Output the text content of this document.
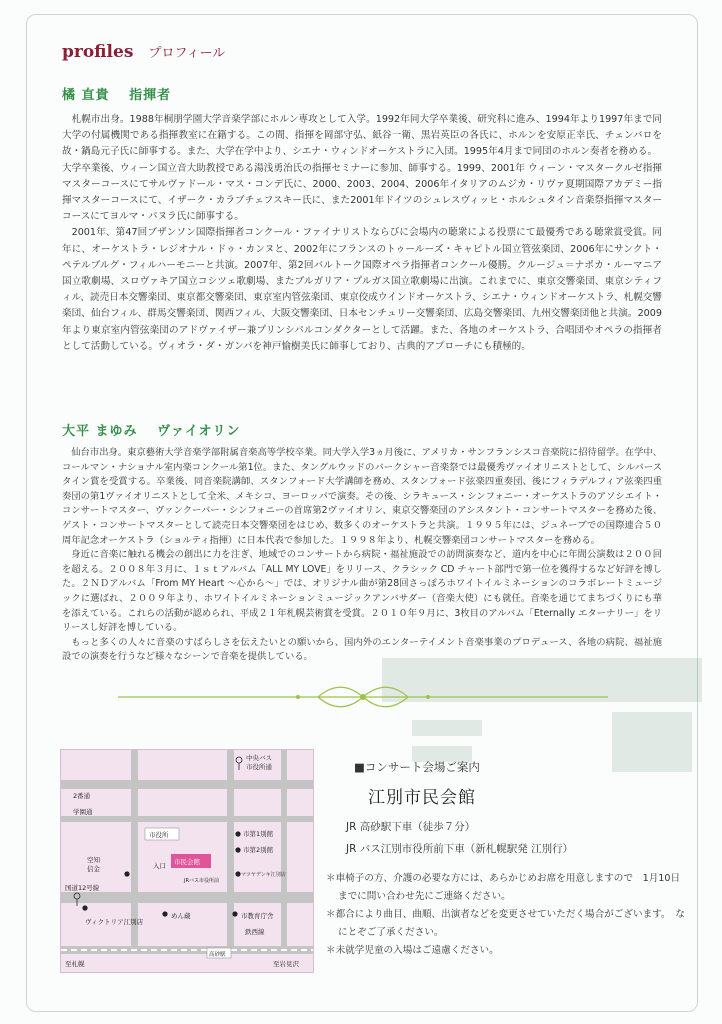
profiles プロフィール
橘 直貴 指揮者

札幌市出身。1988年桐朋学園大学音楽学部にホルン専攻として入学。1992年同大学卒業後、研究科に進み、1994年より1997年まで同大学の付属機関である指揮教室に在籍する。この間、指揮を岡部守弘、紙谷一衛、黒岩英臣の各氏に、ホルンを安原正幸氏、チェンバロを故・鍋島元子氏に師事する。また、大学在学中より、シエナ・ウィンドオーケストラに入団。1995年4月まで同団のホルン奏者を務める。

大学卒業後、ウィーン国立音大助教授である湯浅勇治氏の指揮セミナーに参加、師事する。1999、2001年 ウィーン・マスタークルゼ指揮マスターコースにてサルヴァドール・マス・コンデ氏に、2000、2003、2004、2006年イタリアのムジカ・リヴァ夏期国際アカデミー指揮マスターコースにて、イザーク・カラブチェフスキー氏に、また2001年ドイツのシュレスヴィッヒ・ホルシュタイン音楽祭指揮マスターコースにてヨルマ・パヌラ氏に師事する。

2001年、第47回ブザンソン国際指揮者コンクール・ファイナリストならびに会場内の聴衆による投票にて最優秀である聴衆賞受賞。同年に、オーケストラ・レジオナル・ドゥ・カンヌと、2002年にフランスのトゥールーズ・キャピトル国立管弦楽団、2006年にサンクト・ペテルブルグ・フィルハーモニーと共演。2007年、第2回バルトーク国際オペラ指揮者コンクール優勝。クルージュ＝ナポカ・ルーマニア国立歌劇場、スロヴァキア国立コシツェ歌劇場、またブルガリア・プルガス国立歌劇場に出演。これまでに、東京交響楽団、東京シティフィル、読売日本交響楽団、東京都交響楽団、東京室内管弦楽団、東京佼成ウインドオーケストラ、シエナ・ウィンドオーケストラ、札幌交響楽団、仙台フィル、群馬交響楽団、関西フィル、大阪交響楽団、日本センチュリー交響楽団、広島交響楽団、九州交響楽団他と共演。2009年より東京室内管弦楽団のアドヴァイザー兼プリンシパルコンダクターとして活躍。また、各地のオーケストラ、合唱団やオペラの指揮者として活動している。ヴィオラ・ダ・ガンバを神戸愉樹美氏に師事しており、古典的アプローチにも積極的。

大平 まゆみ ヴァイオリン

仙台市出身。東京藝術大学音楽学部附属音楽高等学校卒業。同大学入学3ヵ月後に、アメリカ・サンフランシスコ音楽院に招待留学。在学中、コールマン・ナショナル室内楽コンクール第1位。また、タングルウッドのバークシャー音楽祭では最優秀ヴァイオリニストとして、シルバースタイン賞を受賞する。卒業後、同音楽院講師、スタンフォード大学講師を務め、スタンフォード弦楽四重奏団、後にフィラデルフィア弦楽四重奏団の第1ヴァイオリニストとして全米、メキシコ、ヨーロッパで演奏。その後、シラキュース・シンフォニー・オーケストラのアソシエイト・コンサートマスター、ヴァンクーバー・シンフォニーの首席第2ヴァイオリン、東京交響楽団のアシスタント・コンサートマスターを務めた後、ゲスト・コンサートマスターとして読売日本交響楽団をはじめ、数多くのオーケストラと共演。１９９５年には、ジュネーブでの国際連合５０周年記念オーケストラ（ショルティ指揮）に日本代表で参加した。１９９８年より、札幌交響楽団コンサートマスターを務める。

身近に音楽に触れる機会の創出に力を注ぎ、地域でのコンサートから病院・福祉施設での訪問演奏など、道内を中心に年間公演数は２００回を超える。２００８年３月に、１ｓｔアルバム「ALL MY LOVE」をリリース、クラシック CD チャート部門で第一位を獲得するなど好評を博した。２ＮＤアルバム「From MY Heart ～心から～」では、オリジナル曲が第28回さっぽろホワイトイルミネーションのコラボレートミュージックに選ばれ、２００９年より、ホワイトイルミネーションミュージックアンバサダー（音楽大使）にも就任。音楽を通じてまちづくりにも華を添えている。これらの活動が認められ、平成２１年札幌芸術賞を受賞。２０１０年９月に、3枚目のアルバム「Eternally エターナリー」をリリースし好評を博している。

もっと多くの人々に音楽のすばらしさを伝えたいとの願いから、国内外のエンターテイメント音楽事業のプロデュース、各地の病院、福祉施設での演奏を行うなど様々なシーンで音楽を提供している。

中央バス
市役所通
2番通
学園通
市役所
市民会館
入口
市第1別館
市第2別館
JRバス市役所前
マツヤデンキ江別店
空知
信金
国道12号線
ヴィクトリア江別店
めん蔵	市教育庁舎
鉄西線
至札幌
高砂駅
至岩見沢
■コンサート会場ご案内
江別市民会館
JR 高砂駅下車（徒歩７分）
JR バス江別市役所前下車（新札幌駅発 江別行）
＊車椅子の方、介護の必要な方には、あらかじめお席を用意しますので　1月10日までに問い合わせ先にご連絡ください。
＊都合により曲目、曲順、出演者などを変更させていただく場合がございます。　なにとぞご了承ください。
＊未就学児童の入場はご遠慮ください。
